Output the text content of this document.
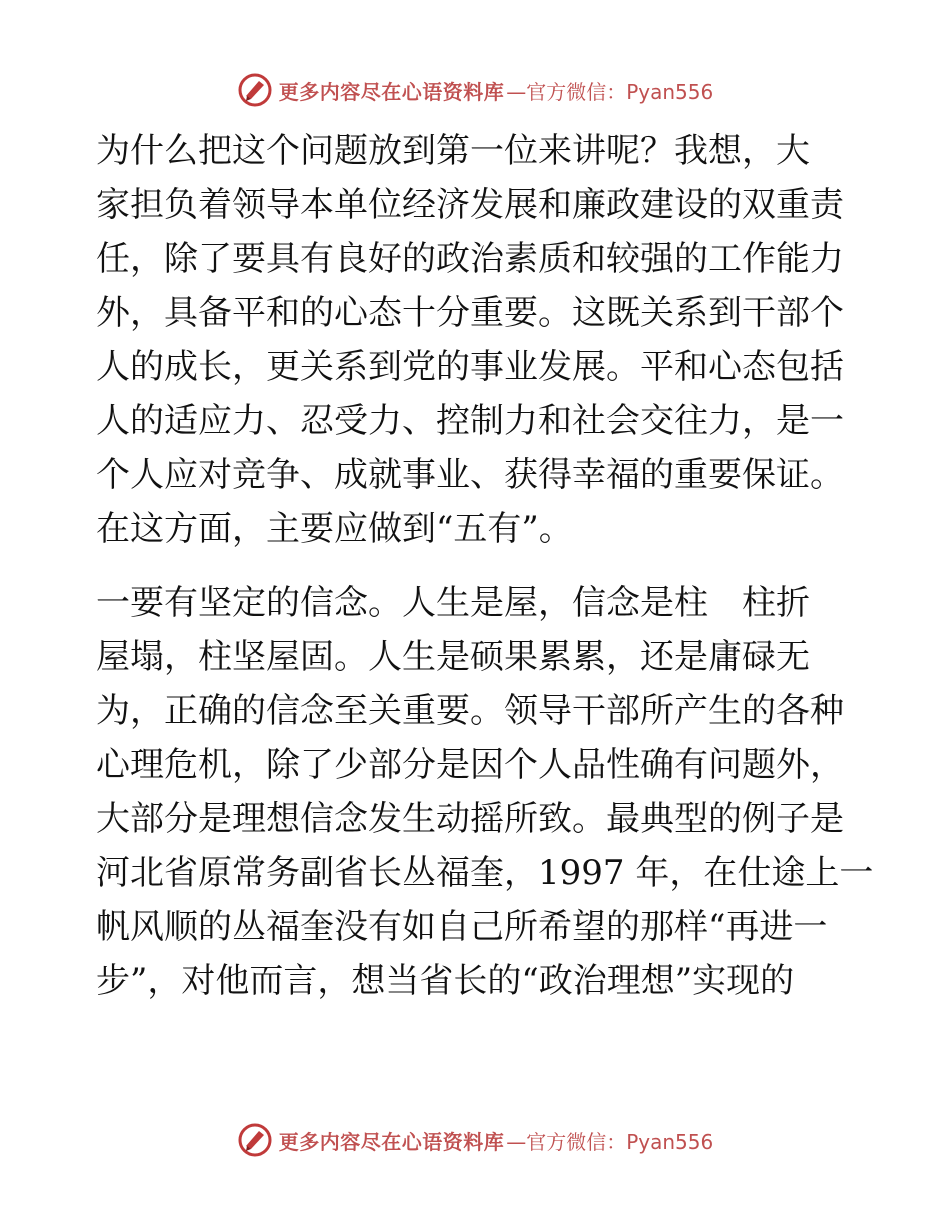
更多内容尽在心语资料库 —官方微信：Pyan556

为什么把这个问题放到第一位来讲呢？我想，大
家担负着领导本单位经济发展和廉政建设的双重责
任，除了要具有良好的政治素质和较强的工作能力
外，具备平和的心态十分重要。这既关系到干部个
人的成长，更关系到党的事业发展。平和心态包括
人的适应力、忍受力、控制力和社会交往力，是一
个人应对竞争、成就事业、获得幸福的重要保证。
在这方面，主要应做到“五有”。

一要有坚定的信念。人生是屋，信念是柱　柱折
屋塌，柱坚屋固。人生是硕果累累，还是庸碌无
为，正确的信念至关重要。领导干部所产生的各种
心理危机，除了少部分是因个人品性确有问题外，
大部分是理想信念发生动摇所致。最典型的例子是
河北省原常务副省长丛福奎，1997 年，在仕途上一
帆风顺的丛福奎没有如自己所希望的那样“再进一
步”，对他而言，想当省长的“政治理想”实现的

更多内容尽在心语资料库 —官方微信：Pyan556
